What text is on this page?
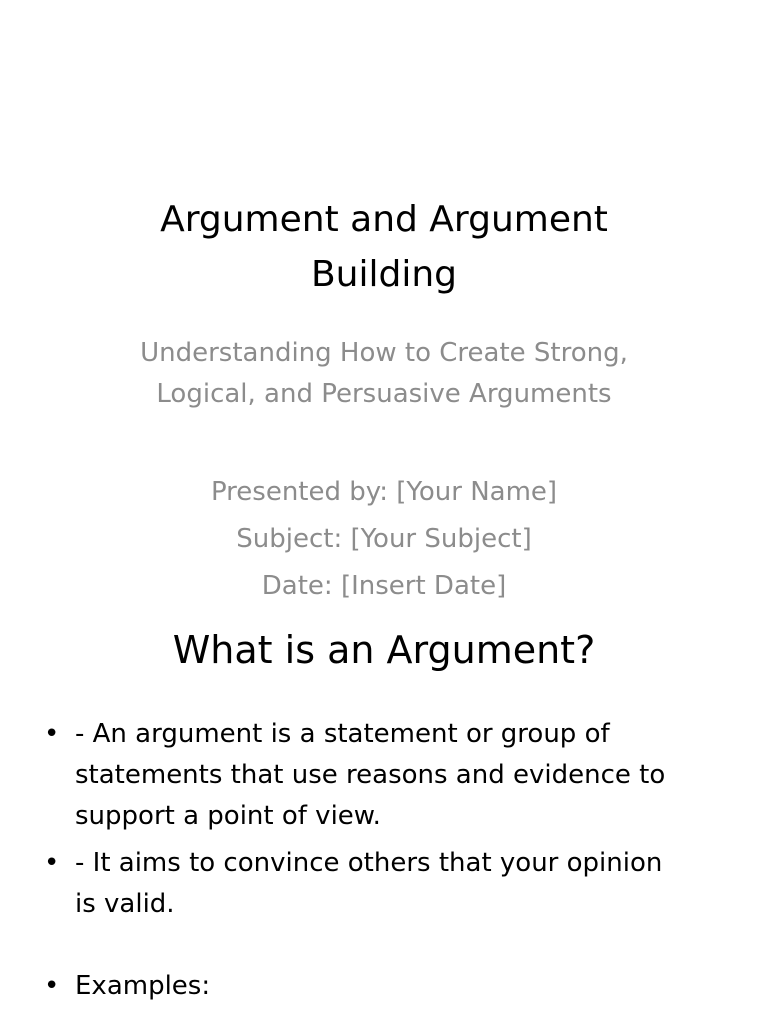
Argument and Argument
Building
Understanding How to Create Strong,
Logical, and Persuasive Arguments
Presented by: [Your Name]
Subject: [Your Subject]
Date: [Insert Date]
What is an Argument?
• - An argument is a statement or group of
statements that use reasons and evidence to
support a point of view.
• - It aims to convince others that your opinion
is valid.
• Examples:
